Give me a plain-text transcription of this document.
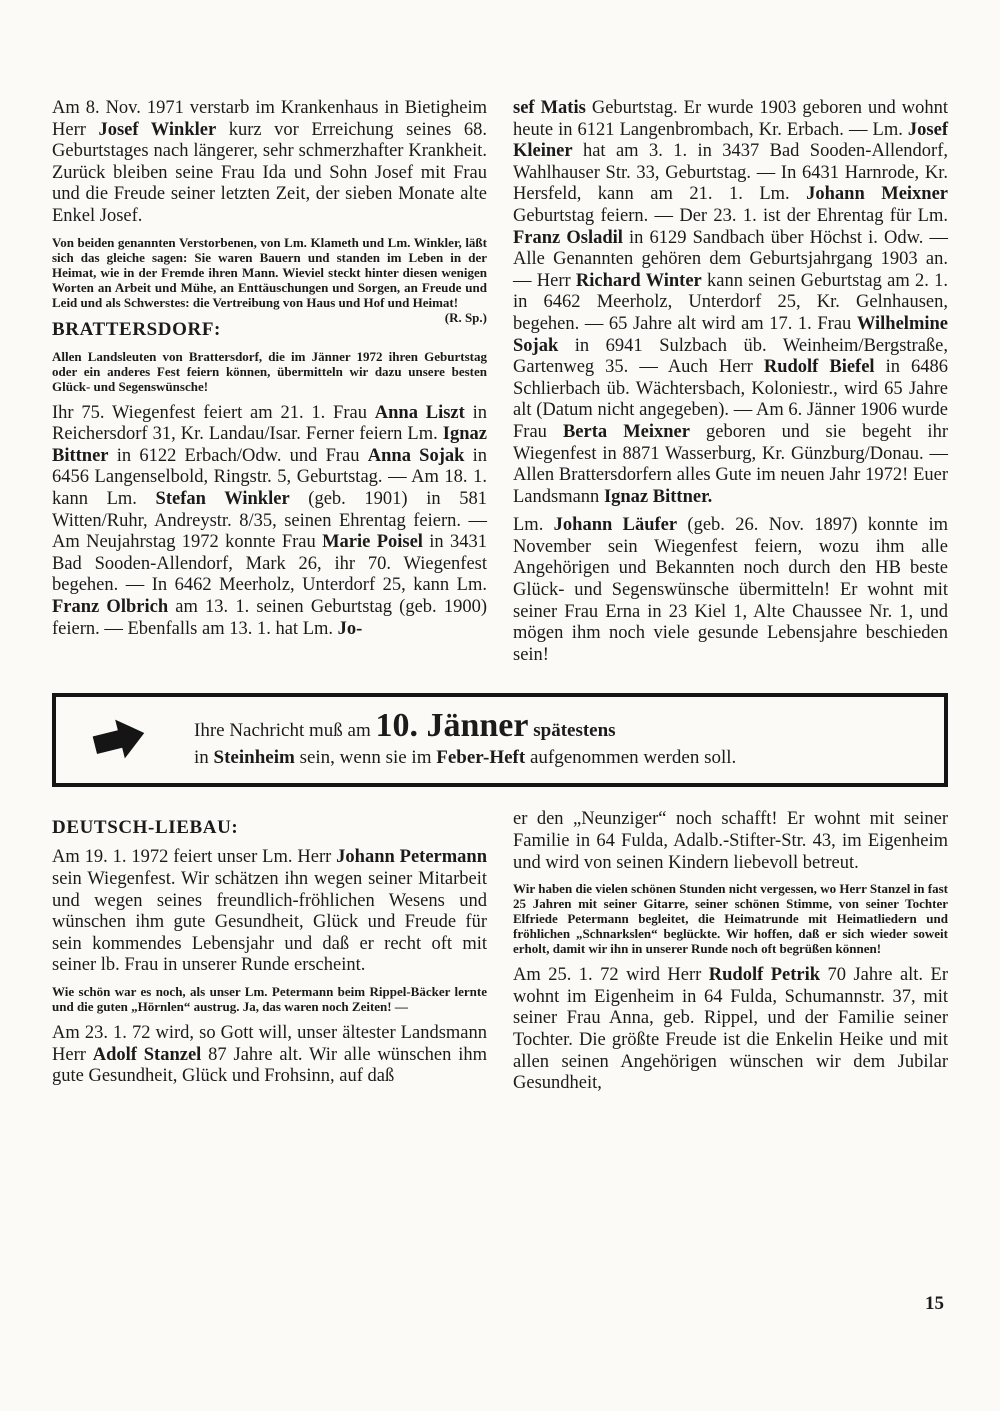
Am 8. Nov. 1971 verstarb im Krankenhaus in Bietigheim Herr Josef Winkler kurz vor Erreichung seines 68. Geburtstages nach längerer, sehr schmerzhafter Krankheit. Zurück bleiben seine Frau Ida und Sohn Josef mit Frau und die Freude seiner letzten Zeit, der sieben Monate alte Enkel Josef.

Von beiden genannten Verstorbenen, von Lm. Klameth und Lm. Winkler, läßt sich das gleiche sagen: Sie waren Bauern und standen im Leben in der Heimat, wie in der Fremde ihren Mann. Wieviel steckt hinter diesen wenigen Worten an Arbeit und Mühe, an Enttäuschungen und Sorgen, an Freude und Leid und als Schwerstes: die Vertreibung von Haus und Hof und Heimat!
(R. Sp.)

BRATTERSDORF:

Allen Landsleuten von Brattersdorf, die im Jänner 1972 ihren Geburtstag oder ein anderes Fest feiern können, übermitteln wir dazu unsere besten Glück- und Segenswünsche!

Ihr 75. Wiegenfest feiert am 21. 1. Frau Anna Liszt in Reichersdorf 31, Kr. Landau/Isar. Ferner feiern Lm. Ignaz Bittner in 6122 Erbach/Odw. und Frau Anna Sojak in 6456 Langenselbold, Ringstr. 5, Geburtstag. — Am 18. 1. kann Lm. Stefan Winkler (geb. 1901) in 581 Witten/Ruhr, Andreystr. 8/35, seinen Ehrentag feiern. — Am Neujahrstag 1972 konnte Frau Marie Poisel in 3431 Bad Sooden-Allendorf, Mark 26, ihr 70. Wiegenfest begehen. — In 6462 Meerholz, Unterdorf 25, kann Lm. Franz Olbrich am 13. 1. seinen Geburtstag (geb. 1900) feiern. — Ebenfalls am 13. 1. hat Lm. Jo-

sef Matis Geburtstag. Er wurde 1903 geboren und wohnt heute in 6121 Langenbrombach, Kr. Erbach. — Lm. Josef Kleiner hat am 3. 1. in 3437 Bad Sooden-Allendorf, Wahlhauser Str. 33, Geburtstag. — In 6431 Harnrode, Kr. Hersfeld, kann am 21. 1. Lm. Johann Meixner Geburtstag feiern. — Der 23. 1. ist der Ehrentag für Lm. Franz Osladil in 6129 Sandbach über Höchst i. Odw. — Alle Genannten gehören dem Geburtsjahrgang 1903 an. — Herr Richard Winter kann seinen Geburtstag am 2. 1. in 6462 Meerholz, Unterdorf 25, Kr. Gelnhausen, begehen. — 65 Jahre alt wird am 17. 1. Frau Wilhelmine Sojak in 6941 Sulzbach üb. Weinheim/Bergstraße, Gartenweg 35. — Auch Herr Rudolf Biefel in 6486 Schlierbach üb. Wächtersbach, Koloniestr., wird 65 Jahre alt (Datum nicht angegeben). — Am 6. Jänner 1906 wurde Frau Berta Meixner geboren und sie begeht ihr Wiegenfest in 8871 Wasserburg, Kr. Günzburg/Donau. — Allen Brattersdorfern alles Gute im neuen Jahr 1972! Euer Landsmann Ignaz Bittner.

Lm. Johann Läufer (geb. 26. Nov. 1897) konnte im November sein Wiegenfest feiern, wozu ihm alle Angehörigen und Bekannten noch durch den HB beste Glück- und Segenswünsche übermitteln! Er wohnt mit seiner Frau Erna in 23 Kiel 1, Alte Chaussee Nr. 1, und mögen ihm noch viele gesunde Lebensjahre beschieden sein!

Ihre Nachricht muß am 10. Jänner spätestens
in Steinheim sein, wenn sie im Feber-Heft aufgenommen werden soll.
DEUTSCH-LIEBAU:

Am 19. 1. 1972 feiert unser Lm. Herr Johann Petermann sein Wiegenfest. Wir schätzen ihn wegen seiner Mitarbeit und wegen seines freundlich-fröhlichen Wesens und wünschen ihm gute Gesundheit, Glück und Freude für sein kommendes Lebensjahr und daß er recht oft mit seiner lb. Frau in unserer Runde erscheint.

Wie schön war es noch, als unser Lm. Petermann beim Rippel-Bäcker lernte und die guten „Hörnlen“ austrug. Ja, das waren noch Zeiten! —

Am 23. 1. 72 wird, so Gott will, unser ältester Landsmann Herr Adolf Stanzel 87 Jahre alt. Wir alle wünschen ihm gute Gesundheit, Glück und Frohsinn, auf daß

er den „Neunziger“ noch schafft! Er wohnt mit seiner Familie in 64 Fulda, Adalb.-Stifter-Str. 43, im Eigenheim und wird von seinen Kindern liebevoll betreut.

Wir haben die vielen schönen Stunden nicht vergessen, wo Herr Stanzel in fast 25 Jahren mit seiner Gitarre, seiner schönen Stimme, von seiner Tochter Elfriede Petermann begleitet, die Heimatrunde mit Heimatliedern und fröhlichen „Schnarkslen“ beglückte. Wir hoffen, daß er sich wieder soweit erholt, damit wir ihn in unserer Runde noch oft begrüßen können!

Am 25. 1. 72 wird Herr Rudolf Petrik 70 Jahre alt. Er wohnt im Eigenheim in 64 Fulda, Schumannstr. 37, mit seiner Frau Anna, geb. Rippel, und der Familie seiner Tochter. Die größte Freude ist die Enkelin Heike und mit allen seinen Angehörigen wünschen wir dem Jubilar Gesundheit,

15
